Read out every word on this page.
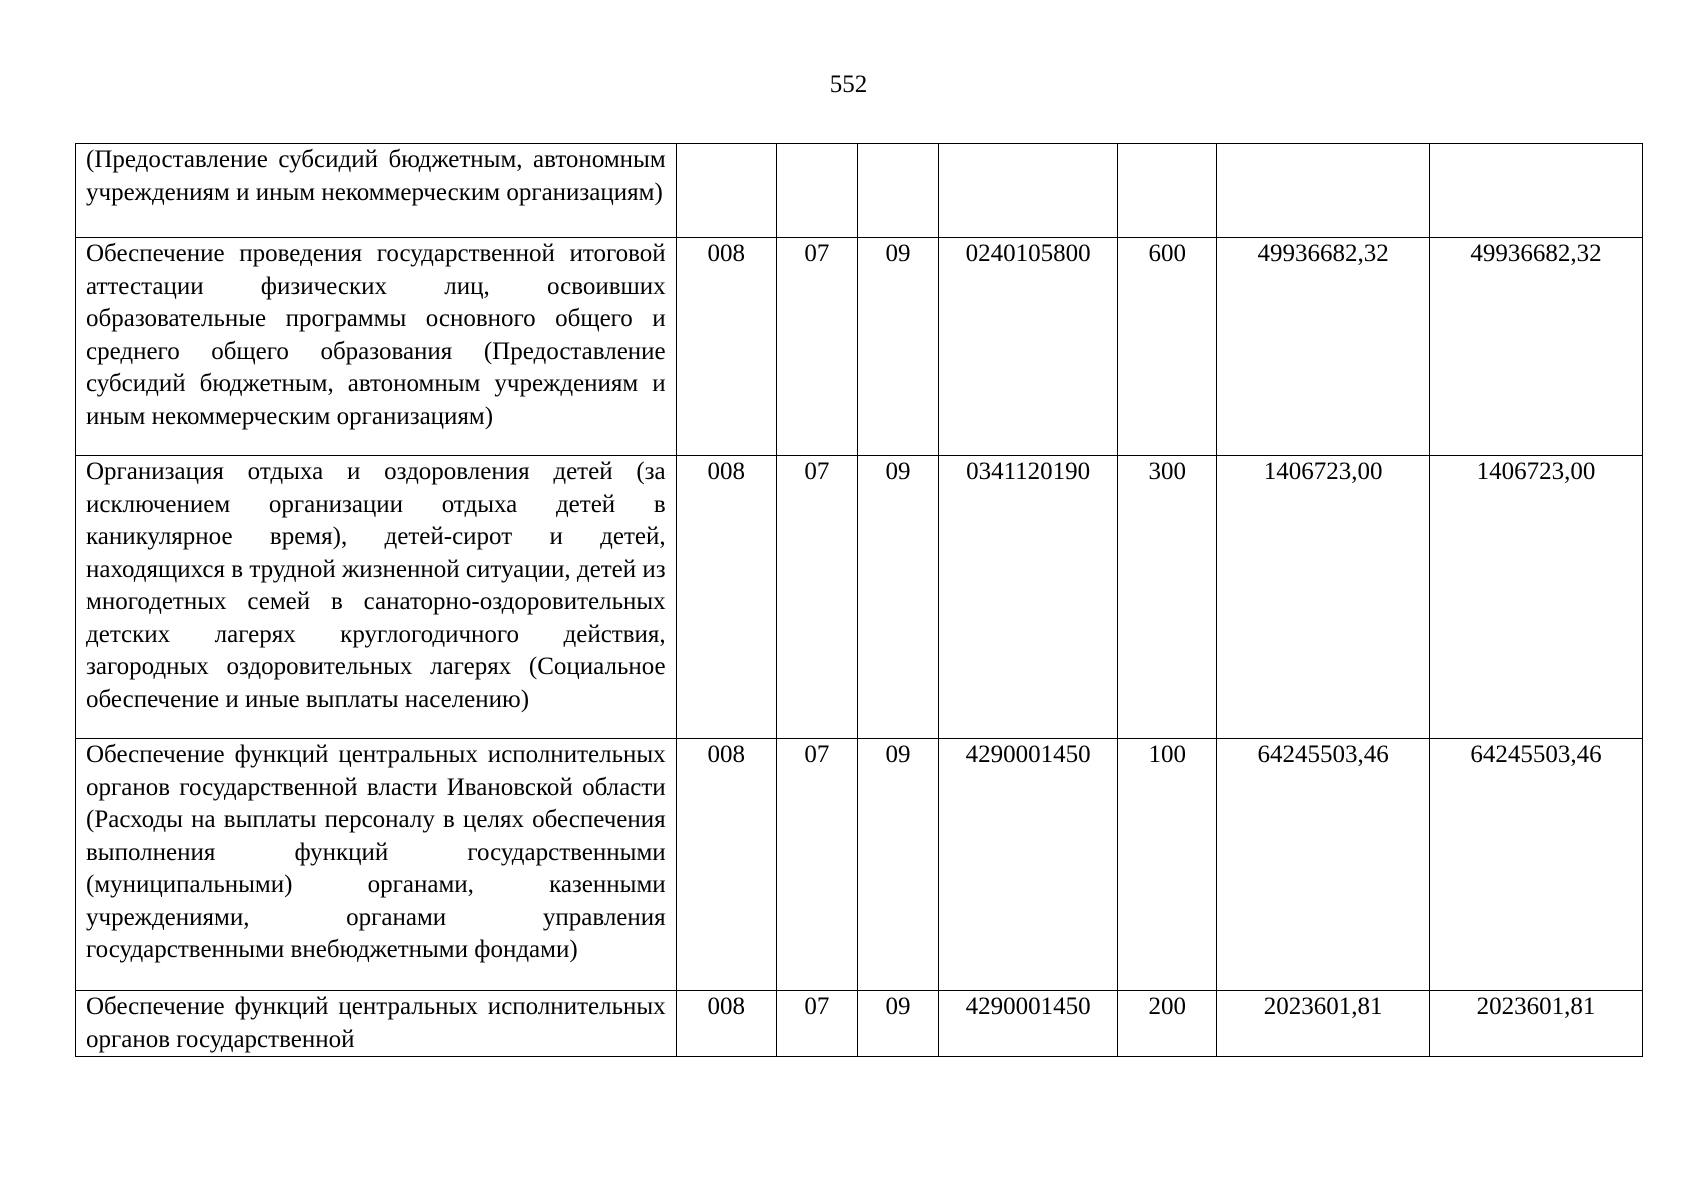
552
(Предоставление субсидий бюджетным, автономным учреждениям и иным некоммерческим организациям)							

Обеспечение проведения государственной итоговой аттестации физических лиц, освоивших образовательные программы основного общего и среднего общего образования (Предоставление субсидий бюджетным, автономным учреждениям и иным некоммерческим организациям)	008	07	09	0240105800	600	49936682,32	49936682,32

Организация отдыха и оздоровления детей (за исключением организации отдыха детей в каникулярное время), детей-сирот и детей, находящихся в трудной жизненной ситуации, детей из многодетных семей в санаторно-оздоровительных детских лагерях круглогодичного действия, загородных оздоровительных лагерях (Социальное обеспечение и иные выплаты населению)	008	07	09	0341120190	300	1406723,00	1406723,00

Обеспечение функций центральных исполнительных органов государственной власти Ивановской области (Расходы на выплаты персоналу в целях обеспечения выполнения функций государственными (муниципальными) органами, казенными учреждениями, органами управления государственными внебюджетными фондами)	008	07	09	4290001450	100	64245503,46	64245503,46

Обеспечение функций центральных исполнительных органов государственной	008	07	09	4290001450	200	2023601,81	2023601,81
